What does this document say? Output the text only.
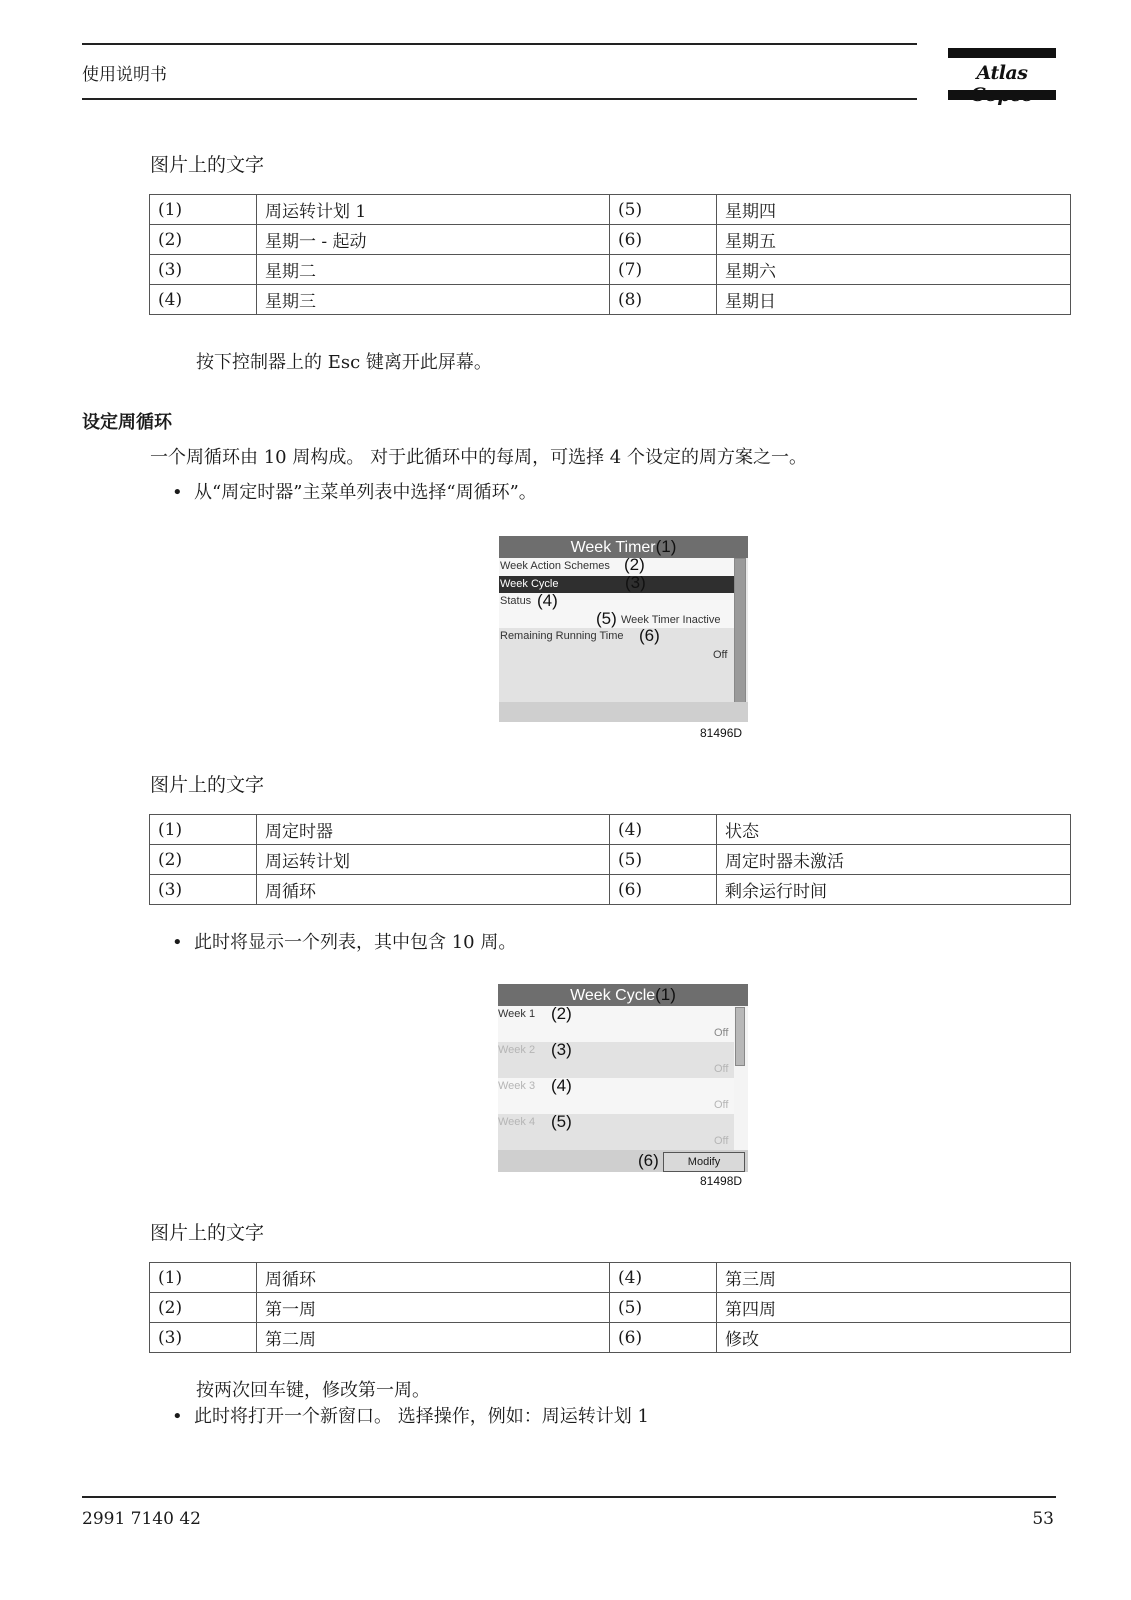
使用说明书	Atlas
图片上的文字
(1)	周运转计划 1	(5)	星期四
(2)	星期一 - 起动	(6)	星期五
(3)	星期二	(7)	星期六
(4)	星期三	(8)	星期日
按下控制器上的 Esc 键离开此屏幕。
设定周循环
一个周循环由 10 周构成。 对于此循环中的每周，可选择 4 个设定的周方案之一。
• 从“周定时器”主菜单列表中选择“周循环”。
Week Timer(1)
Week Action Schemes (2)
Week Cycle	(3)
Status (4)
(5) Week Timer Inactive
Remaining Running Time (6)
Off
81496D
图片上的文字
(1)	周定时器	(4)	状态
(2)	周运转计划	(5)	周定时器未激活
(3)	周循环	(6)	剩余运行时间
• 此时将显示一个列表，其中包含 10 周。
Week Cycle(1)
Week 1 (2)
Off
Week 2 (3)
Off
Week 3 (4)
Off
Week 4 (5)
Off
(6)	Modify
81498D
图片上的文字
(1)	周循环	(4)	第三周
(2)	第一周	(5)	第四周
(3)	第二周	(6)	修改
按两次回车键，修改第一周。
• 此时将打开一个新窗口。 选择操作，例如：周运转计划 1
2991 7140 42	53
